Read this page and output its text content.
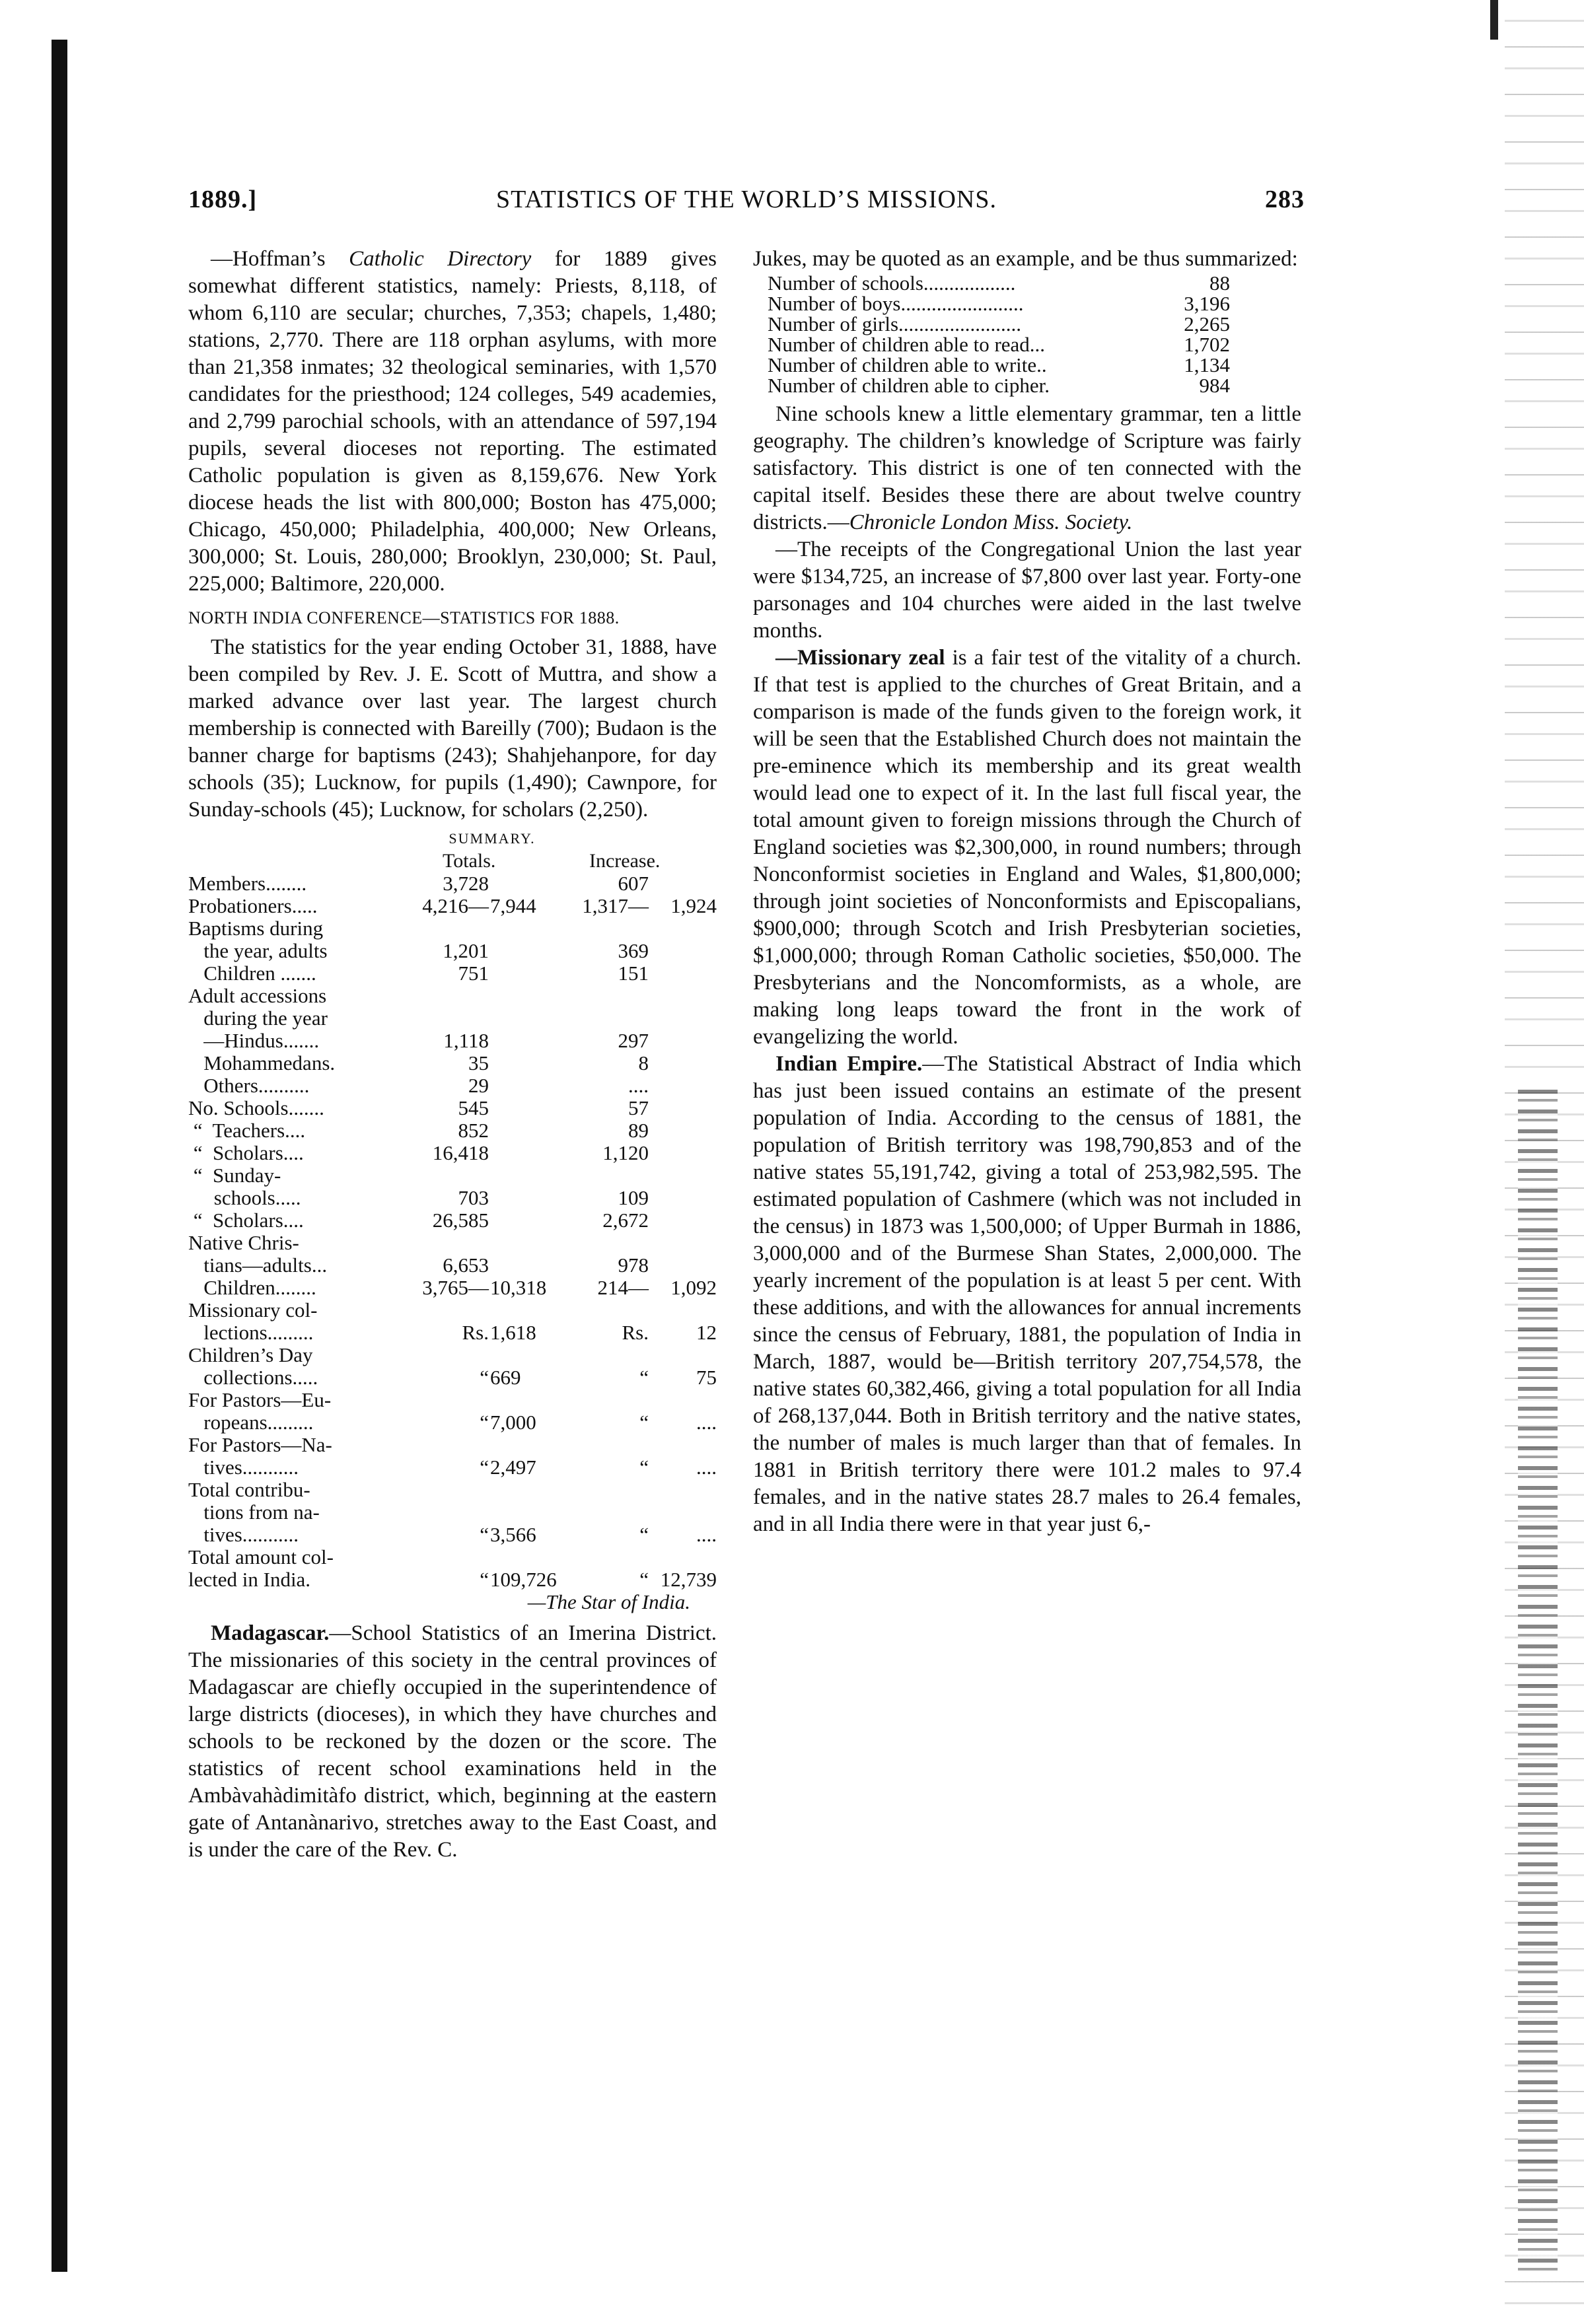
1889.]	STATISTICS OF THE WORLD’S MISSIONS.	283

—Hoffman’s Catholic Directory for 1889 gives somewhat different statistics, namely: Priests, 8,118, of whom 6,110 are secular; churches, 7,353; chapels, 1,480; stations, 2,770. There are 118 orphan asylums, with more than 21,358 inmates; 32 theological seminaries, with 1,570 candidates for the priesthood; 124 colleges, 549 academies, and 2,799 parochial schools, with an attendance of 597,194 pupils, several dioceses not reporting. The estimated Catholic population is given as 8,159,676. New York diocese heads the list with 800,000; Boston has 475,000; Chicago, 450,000; Philadelphia, 400,000; New Orleans, 300,000; St. Louis, 280,000; Brooklyn, 230,000; St. Paul, 225,000; Baltimore, 220,000.

NORTH INDIA CONFERENCE—STATISTICS FOR 1888.

The statistics for the year ending October 31, 1888, have been compiled by Rev. J. E. Scott of Muttra, and show a marked advance over last year. The largest church membership is connected with Bareilly (700); Budaon is the banner charge for baptisms (243); Shahjehanpore, for day schools (35); Lucknow, for pupils (1,490); Cawnpore, for Sunday-schools (45); Lucknow, for scholars (2,250).

SUMMARY.
	Totals.		Increase.	
Members........	3,728		607	
Probationers.....	4,216—	7,944	1,317—	1,924
Baptisms during				
the year, adults	1,201		369	
Children .......	751		151	
Adult accessions				
during the year				
—Hindus.......	1,118		297	
Mohammedans.	35		8	
Others..........	29		....	
No. Schools.......	545		57	
“  Teachers....	852		89	
“  Scholars....	16,418		1,120	
“  Sunday-				
schools.....	703		109	
“  Scholars....	26,585		2,672	
Native Chris-				
tians—adults...	6,653		978	
Children........	3,765—	10,318	214—	1,092
Missionary col-				
lections.........	Rs.	1,618	Rs.	12
Children’s Day				
collections.....	“	669	“	75
For Pastors—Eu-				
ropeans.........	“	7,000	“	....
For Pastors—Na-				
tives...........	“	2,497	“	....
Total contribu-				
tions from na-				
tives...........	“	3,566	“	....
Total amount col-				
lected in India.	“	109,726	“	12,739
—The Star of India.

Madagascar.—School Statistics of an Imerina District. The missionaries of this society in the central provinces of Madagascar are chiefly occupied in the superintendence of large districts (dioceses), in which they have churches and schools to be reckoned by the dozen or the score. The statistics of recent school examinations held in the Ambàvahàdimitàfo district, which, beginning at the eastern gate of Antanànarivo, stretches away to the East Coast, and is under the care of the Rev. C.

Jukes, may be quoted as an example, and be thus summarized:

Number of schools..................	88
Number of boys........................	3,196
Number of girls........................	2,265
Number of children able to read...	1,702
Number of children able to write..	1,134
Number of children able to cipher.	984

Nine schools knew a little elementary grammar, ten a little geography. The children’s knowledge of Scripture was fairly satisfactory. This district is one of ten connected with the capital itself. Besides these there are about twelve country districts.—Chronicle London Miss. Society.

—The receipts of the Congregational Union the last year were $134,725, an increase of $7,800 over last year. Forty-one parsonages and 104 churches were aided in the last twelve months.

—Missionary zeal is a fair test of the vitality of a church. If that test is applied to the churches of Great Britain, and a comparison is made of the funds given to the foreign work, it will be seen that the Established Church does not maintain the pre-eminence which its membership and its great wealth would lead one to expect of it. In the last full fiscal year, the total amount given to foreign missions through the Church of England societies was $2,300,000, in round numbers; through Nonconformist societies in England and Wales, $1,800,000; through joint societies of Nonconformists and Episcopalians, $900,000; through Scotch and Irish Presbyterian societies, $1,000,000; through Roman Catholic societies, $50,000. The Presbyterians and the Noncomformists, as a whole, are making long leaps toward the front in the work of evangelizing the world.

Indian Empire.—The Statistical Abstract of India which has just been issued contains an estimate of the present population of India. According to the census of 1881, the population of British territory was 198,790,853 and of the native states 55,191,742, giving a total of 253,982,595. The estimated population of Cashmere (which was not included in the census) in 1873 was 1,500,000; of Upper Burmah in 1886, 3,000,000 and of the Burmese Shan States, 2,000,000. The yearly increment of the population is at least 5 per cent. With these additions, and with the allowances for annual increments since the census of February, 1881, the population of India in March, 1887, would be—British territory 207,754,578, the native states 60,382,466, giving a total population for all India of 268,137,044. Both in British territory and the native states, the number of males is much larger than that of females. In 1881 in British territory there were 101.2 males to 97.4 females, and in the native states 28.7 males to 26.4 females, and in all India there were in that year just 6,-
